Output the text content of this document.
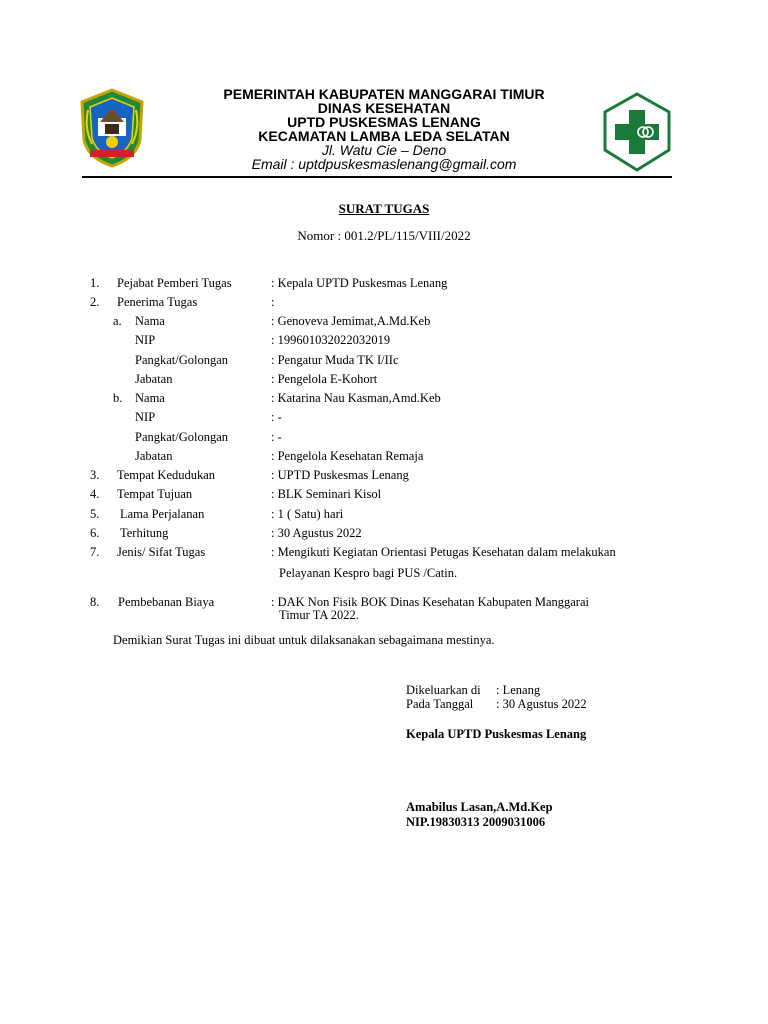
PEMERINTAH KABUPATEN MANGGARAI TIMUR
DINAS KESEHATAN
UPTD PUSKESMAS LENANG
KECAMATAN LAMBA LEDA SELATAN
Jl. Watu Cie – Deno
Email : uptdpuskesmaslenang@gmail.com
SURAT TUGAS
Nomor : 001.2/PL/115/VIII/2022
1. Pejabat Pemberi Tugas	: Kepala UPTD Puskesmas Lenang
2. Penerima Tugas	:
a. Nama	: Genoveva Jemimat,A.Md.Keb
NIP	: 199601032022032019
Pangkat/Golongan	: Pengatur Muda TK I/IIc
Jabatan	: Pengelola E-Kohort
b. Nama	: Katarina Nau Kasman,Amd.Keb
NIP	: -
Pangkat/Golongan	: -
Jabatan	: Pengelola Kesehatan Remaja
3. Tempat Kedudukan	: UPTD Puskesmas Lenang
4. Tempat Tujuan	: BLK Seminari Kisol
5. Lama Perjalanan	: 1 ( Satu) hari
6. Terhitung	: 30 Agustus 2022
7. Jenis/ Sifat Tugas	: Mengikuti Kegiatan Orientasi Petugas Kesehatan dalam melakukan
Pelayanan Kespro bagi PUS /Catin.
8. Pembebanan Biaya	: DAK Non Fisik BOK Dinas Kesehatan Kabupaten Manggarai
Timur TA 2022.
Demikian Surat Tugas ini dibuat untuk dilaksanakan sebagaimana mestinya.
Dikeluarkan di : Lenang
Pada Tanggal : 30 Agustus 2022
Kepala UPTD Puskesmas Lenang
Amabilus Lasan,A.Md.Kep
NIP.19830313 2009031006
